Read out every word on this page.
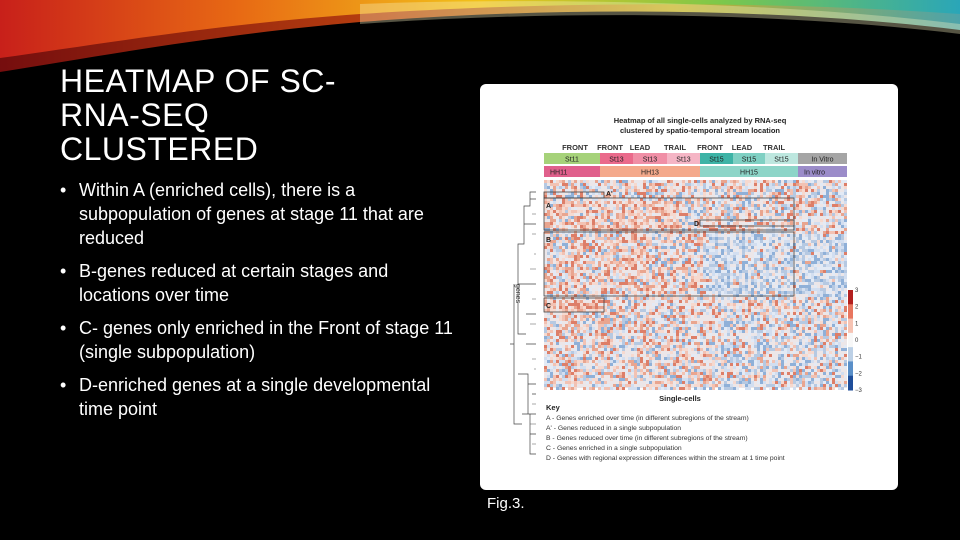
HEATMAP OF SC-RNA-SEQ CLUSTERED
• Within A (enriched cells), there is a subpopulation of genes at stage 11 that are reduced
• B-genes reduced at certain stages and locations over time
• C- genes only enriched in the Front of stage 11 (single subpopulation)
• D-enriched genes at a single developmental time point
Heatmap of all single-cells analyzed by RNA-seq
clustered by spatio-temporal stream location
FRONT FRONT LEAD TRAIL FRONT LEAD TRAIL
St11	St13	St13	St13	St15	St15	St15	In Vitro
HH11	HH13	HH15	In vitro
genes
A'
A
D
B
C
3
2
1
0
−1
−2
−3
Single-cells
Key
A - Genes enriched over time (in different subregions of the stream)
A' - Genes reduced in a single subpopulation
B - Genes reduced over time (in different subregions of the stream)
C - Genes enriched in a single subpopulation
D - Genes with regional expression differences within the stream at 1 time point
Fig.3.
